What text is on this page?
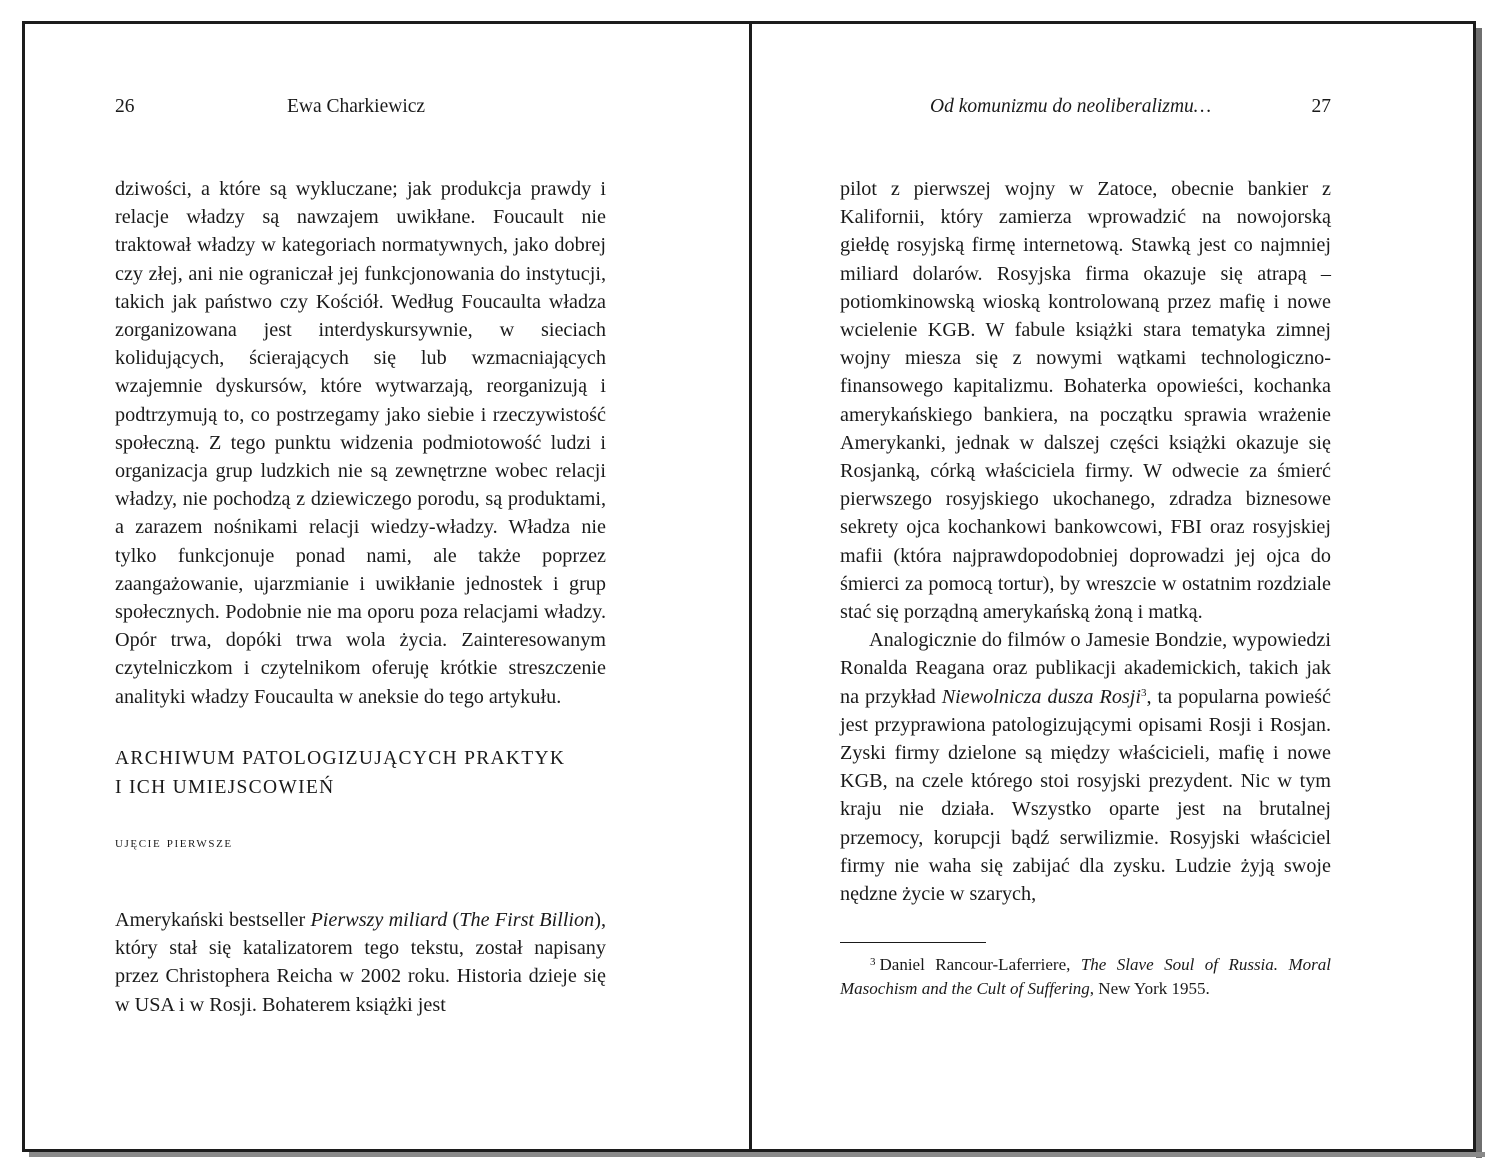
26	Ewa Charkiewicz

dziwości, a które są wykluczane; jak produkcja prawdy i relacje władzy są nawzajem uwikłane. Foucault nie traktował władzy w kategoriach normatywnych, jako dobrej czy złej, ani nie ograniczał jej funkcjonowania do instytucji, takich jak państwo czy Kościół. Według Foucaulta władza zorganizowana jest interdyskursywnie, w sieciach kolidujących, ścierających się lub wzmacniających wzajemnie dyskursów, które wytwarzają, reorganizują i podtrzymują to, co postrzegamy jako siebie i rzeczywistość społeczną. Z tego punktu widzenia podmiotowość ludzi i organizacja grup ludzkich nie są zewnętrzne wobec relacji władzy, nie pochodzą z dziewiczego porodu, są produktami, a zarazem nośnikami relacji wiedzy-władzy. Władza nie tylko funkcjonuje ponad nami, ale także poprzez zaangażowanie, ujarzmianie i uwikłanie jednostek i grup społecznych. Podobnie nie ma oporu poza relacjami władzy. Opór trwa, dopóki trwa wola życia. Zainteresowanym czytelniczkom i czytelnikom oferuję krótkie streszczenie analityki władzy Foucaulta w aneksie do tego artykułu.

ARCHIWUM PATOLOGIZUJĄCYCH PRAKTYK
I ICH UMIEJSCOWIEŃ
ujęcie pierwsze

Amerykański bestseller Pierwszy miliard (The First Billion), który stał się katalizatorem tego tekstu, został napisany przez Christophera Reicha w 2002 roku. Historia dzieje się w USA i w Rosji. Bohaterem książki jest

Od komunizmu do neoliberalizmu…	27

pilot z pierwszej wojny w Zatoce, obecnie bankier z Kalifornii, który zamierza wprowadzić na nowojorską giełdę rosyjską firmę internetową. Stawką jest co najmniej miliard dolarów. Rosyjska firma okazuje się atrapą – potiomkinowską wioską kontrolowaną przez mafię i nowe wcielenie KGB. W fabule książki stara tematyka zimnej wojny miesza się z nowymi wątkami technologiczno-finansowego kapitalizmu. Bohaterka opowieści, kochanka amerykańskiego bankiera, na początku sprawia wrażenie Amerykanki, jednak w dalszej części książki okazuje się Rosjanką, córką właściciela firmy. W odwecie za śmierć pierwszego rosyjskiego ukochanego, zdradza biznesowe sekrety ojca kochankowi bankowcowi, FBI oraz rosyjskiej mafii (która najprawdopodobniej doprowadzi jej ojca do śmierci za pomocą tortur), by wreszcie w ostatnim rozdziale stać się porządną amerykańską żoną i matką.

Analogicznie do filmów o Jamesie Bondzie, wypowiedzi Ronalda Reagana oraz publikacji akademickich, takich jak na przykład Niewolnicza dusza Rosji$^3$, ta popularna powieść jest przyprawiona patologizującymi opisami Rosji i Rosjan. Zyski firmy dzielone są między właścicieli, mafię i nowe KGB, na czele którego stoi rosyjski prezydent. Nic w tym kraju nie działa. Wszystko oparte jest na brutalnej przemocy, korupcji bądź serwilizmie. Rosyjski właściciel firmy nie waha się zabijać dla zysku. Ludzie żyją swoje nędzne życie w szarych,

$^3$ Daniel Rancour-Laferriere, The Slave Soul of Russia. Moral Masochism and the Cult of Suffering, New York 1955.
